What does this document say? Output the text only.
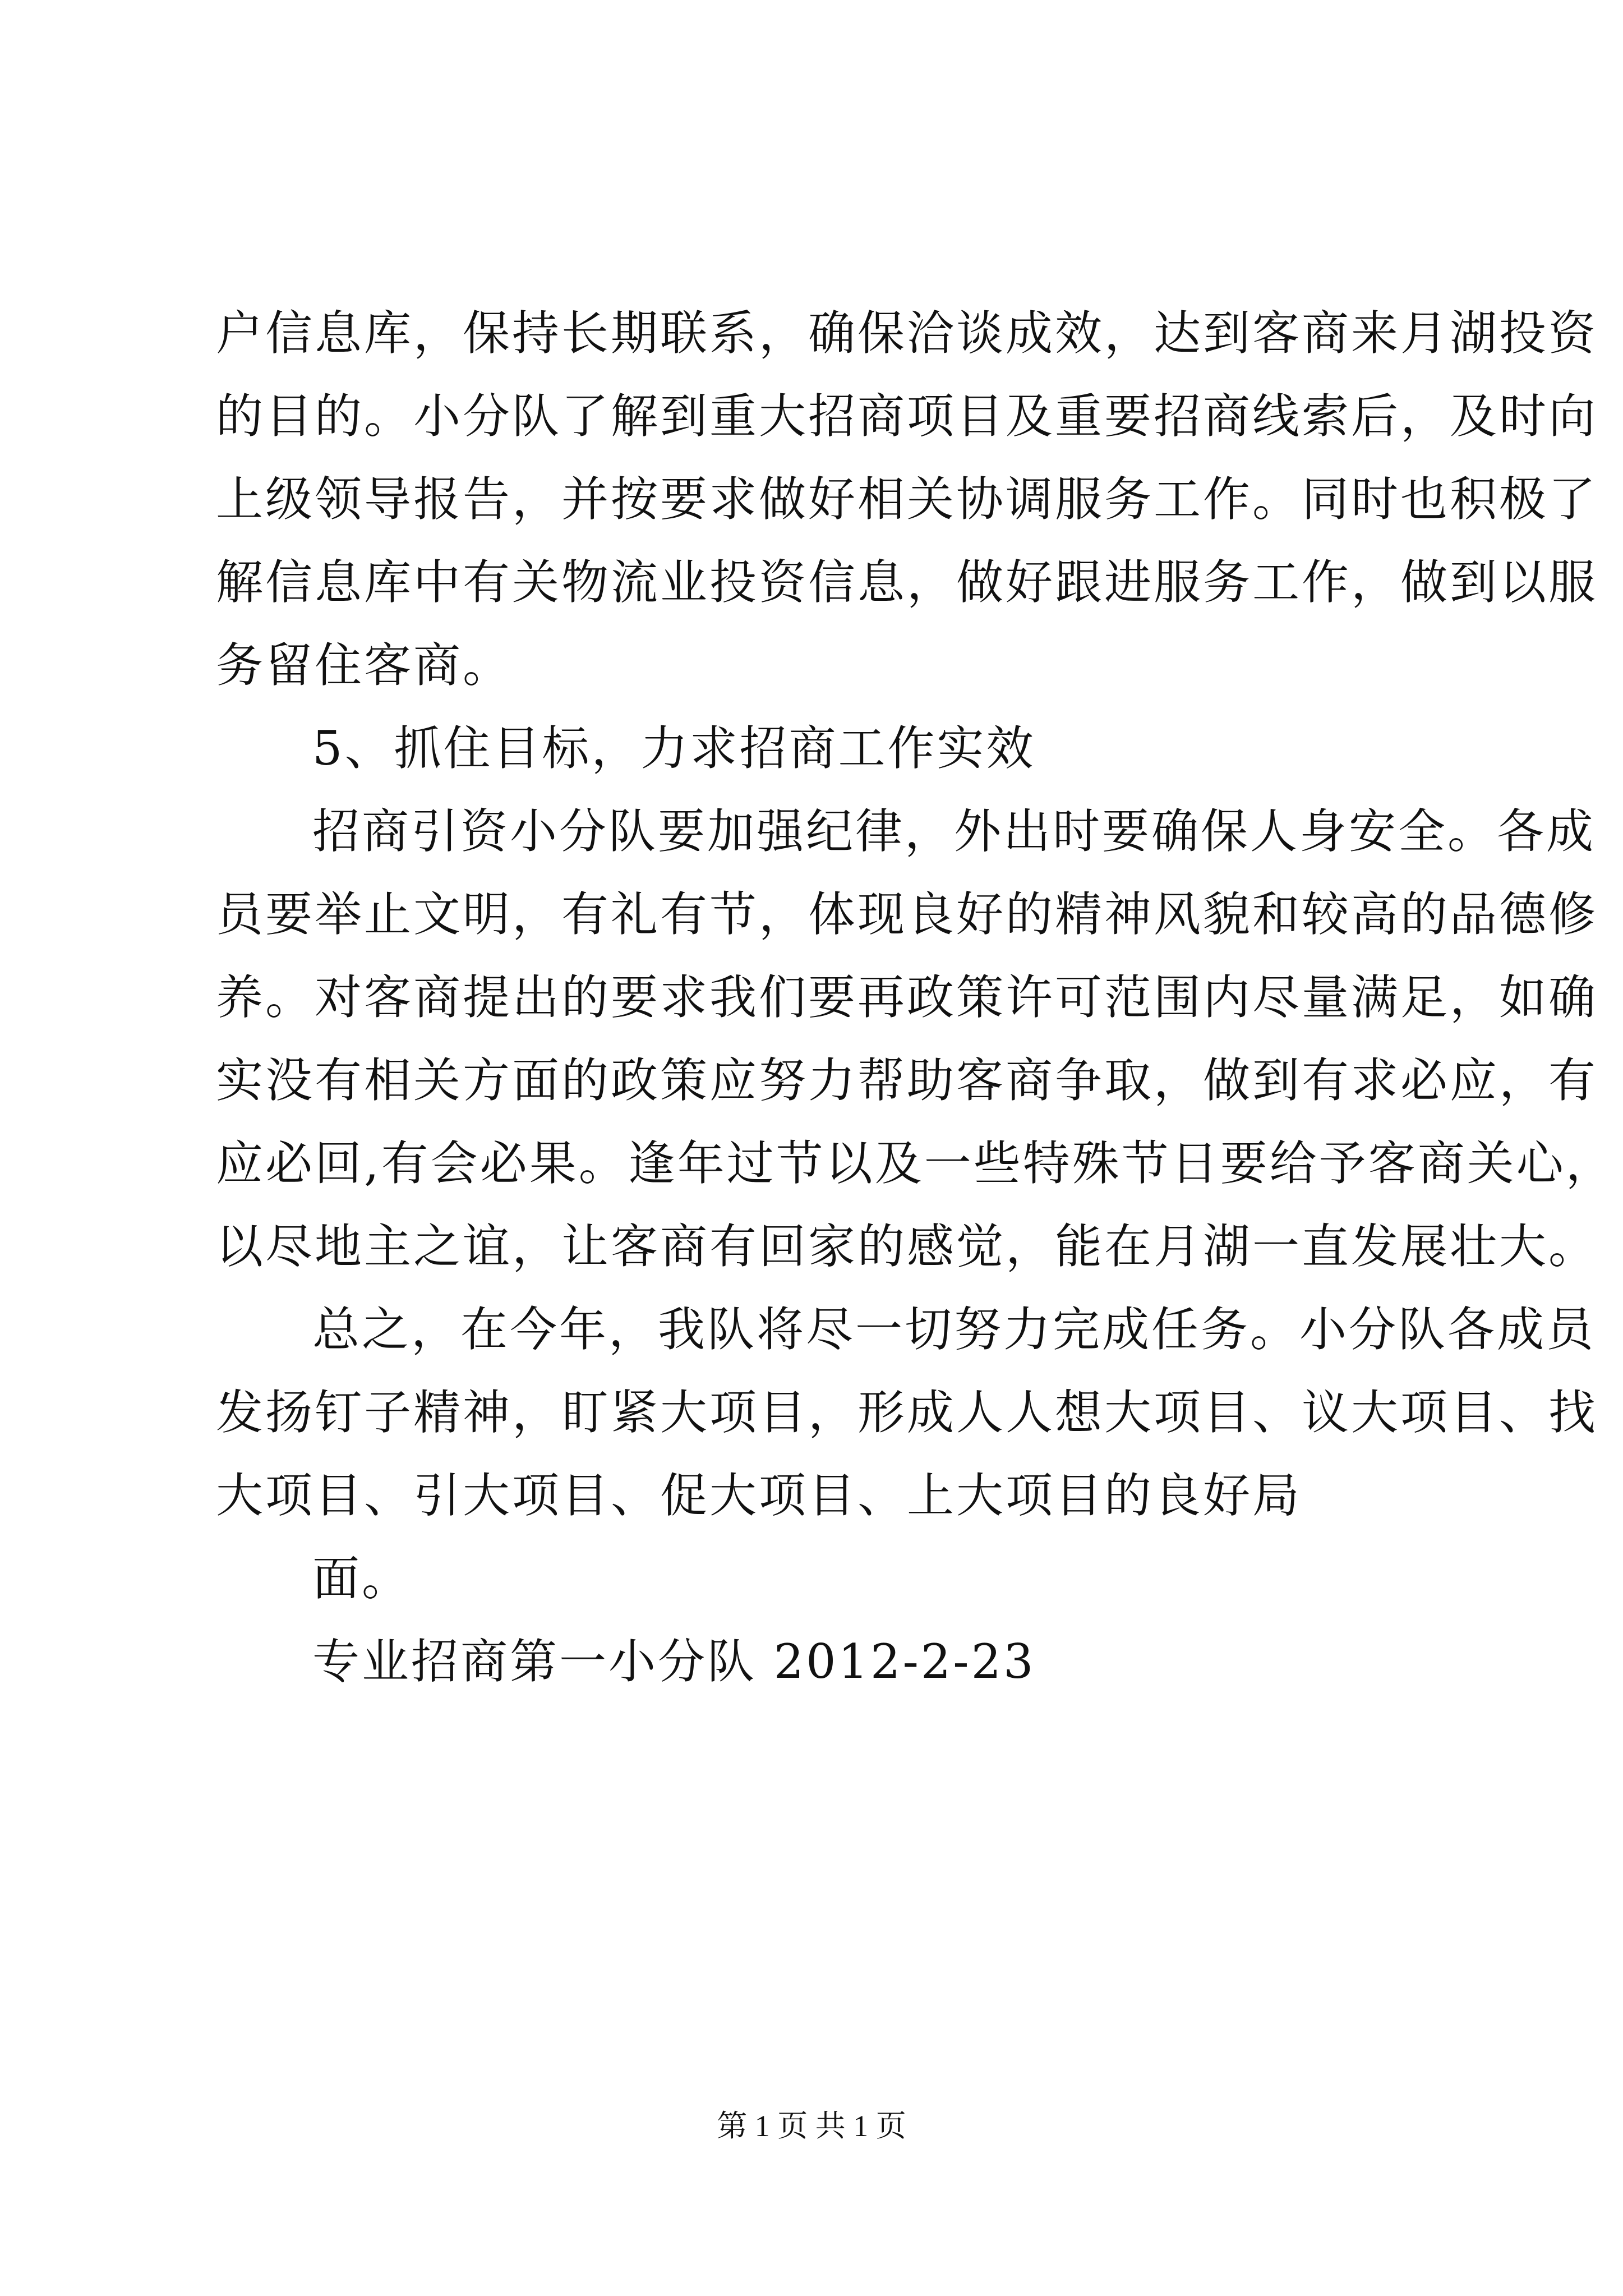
户信息库，保持长期联系，确保洽谈成效，达到客商来月湖投资
的目的。小分队了解到重大招商项目及重要招商线索后，及时向
上级领导报告，并按要求做好相关协调服务工作。同时也积极了
解信息库中有关物流业投资信息，做好跟进服务工作，做到以服
务留住客商。
5、抓住目标，力求招商工作实效
招商引资小分队要加强纪律，外出时要确保人身安全。各成
员要举止文明，有礼有节，体现良好的精神风貌和较高的品德修
养。对客商提出的要求我们要再政策许可范围内尽量满足，如确
实没有相关方面的政策应努力帮助客商争取，做到有求必应，有
应必回,有会必果。逢年过节以及一些特殊节日要给予客商关心，
以尽地主之谊，让客商有回家的感觉，能在月湖一直发展壮大。
总之，在今年，我队将尽一切努力完成任务。小分队各成员
发扬钉子精神，盯紧大项目，形成人人想大项目、议大项目、找
大项目、引大项目、促大项目、上大项目的良好局
面。
专业招商第一小分队 2012-2-23
第 1 页 共 1 页
